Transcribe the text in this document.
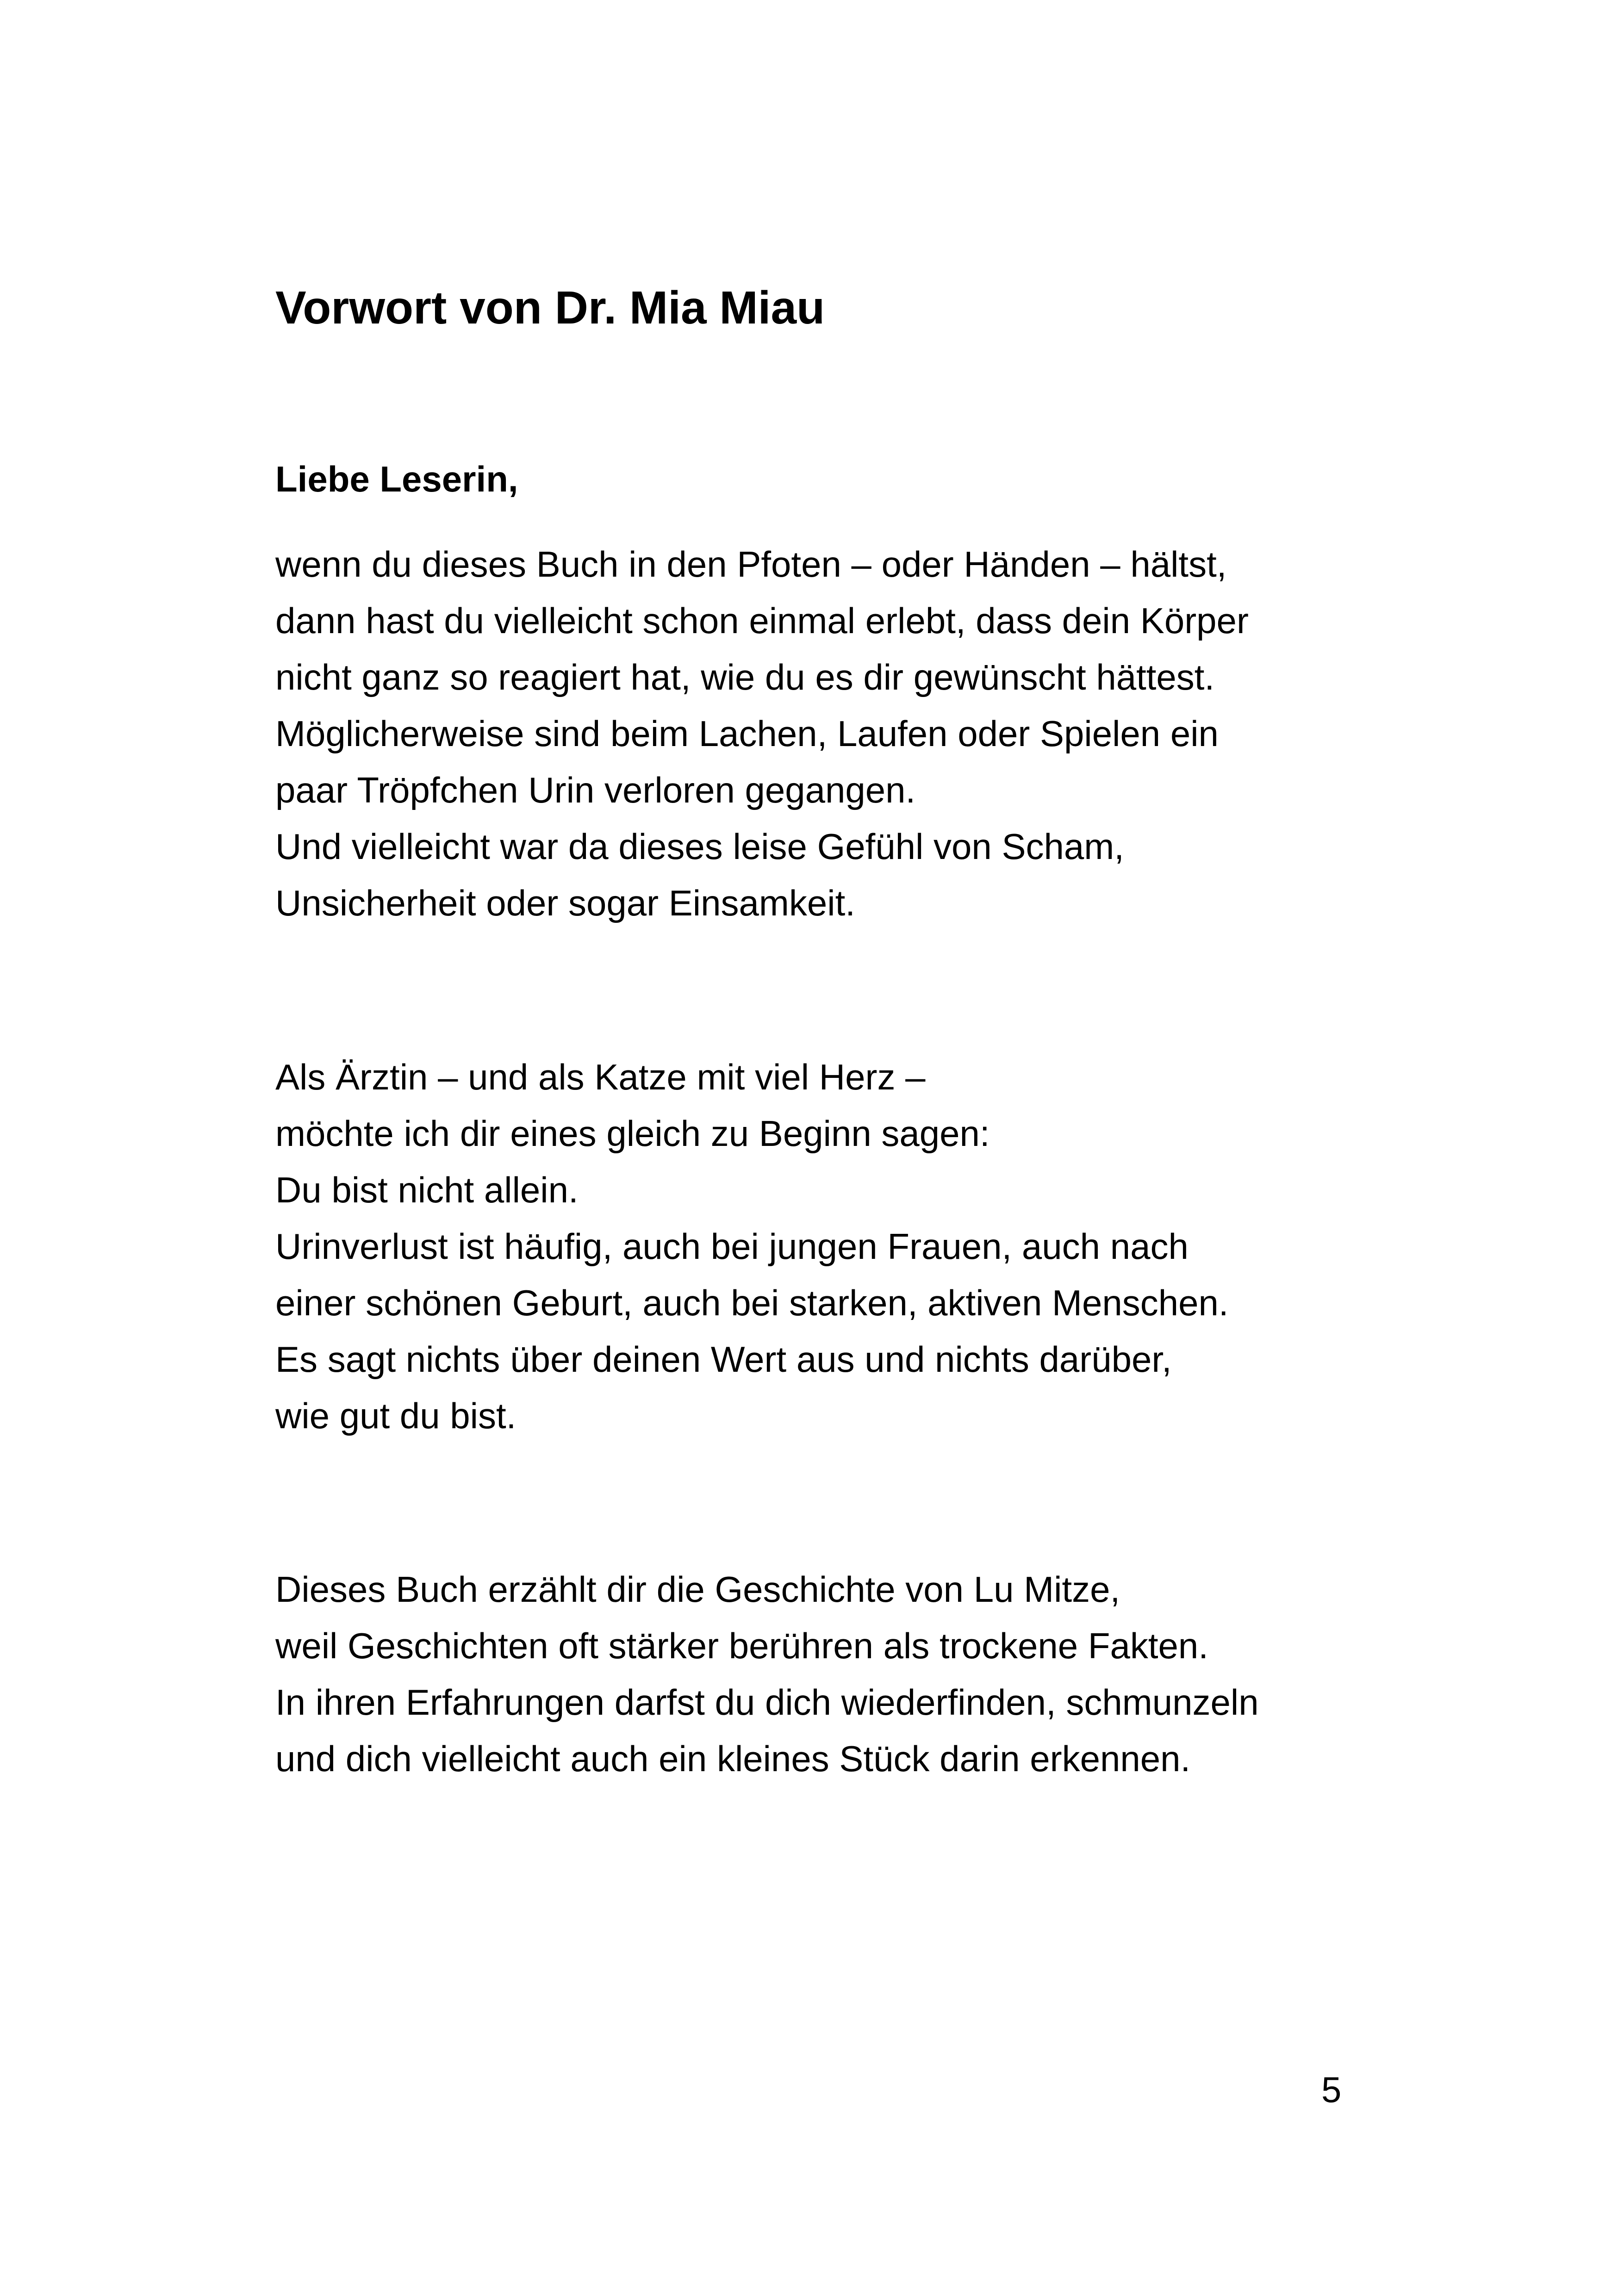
Vorwort von Dr. Mia Miau

Liebe Leserin,

wenn du dieses Buch in den Pfoten – oder Händen – hältst,
dann hast du vielleicht schon einmal erlebt, dass dein Körper
nicht ganz so reagiert hat, wie du es dir gewünscht hättest.
Möglicherweise sind beim Lachen, Laufen oder Spielen ein
paar Tröpfchen Urin verloren gegangen.
Und vielleicht war da dieses leise Gefühl von Scham,
Unsicherheit oder sogar Einsamkeit.

Als Ärztin – und als Katze mit viel Herz –
möchte ich dir eines gleich zu Beginn sagen:
Du bist nicht allein.
Urinverlust ist häufig, auch bei jungen Frauen, auch nach
einer schönen Geburt, auch bei starken, aktiven Menschen.
Es sagt nichts über deinen Wert aus und nichts darüber,
wie gut du bist.

Dieses Buch erzählt dir die Geschichte von Lu Mitze,
weil Geschichten oft stärker berühren als trockene Fakten.
In ihren Erfahrungen darfst du dich wiederfinden, schmunzeln
und dich vielleicht auch ein kleines Stück darin erkennen.

5
